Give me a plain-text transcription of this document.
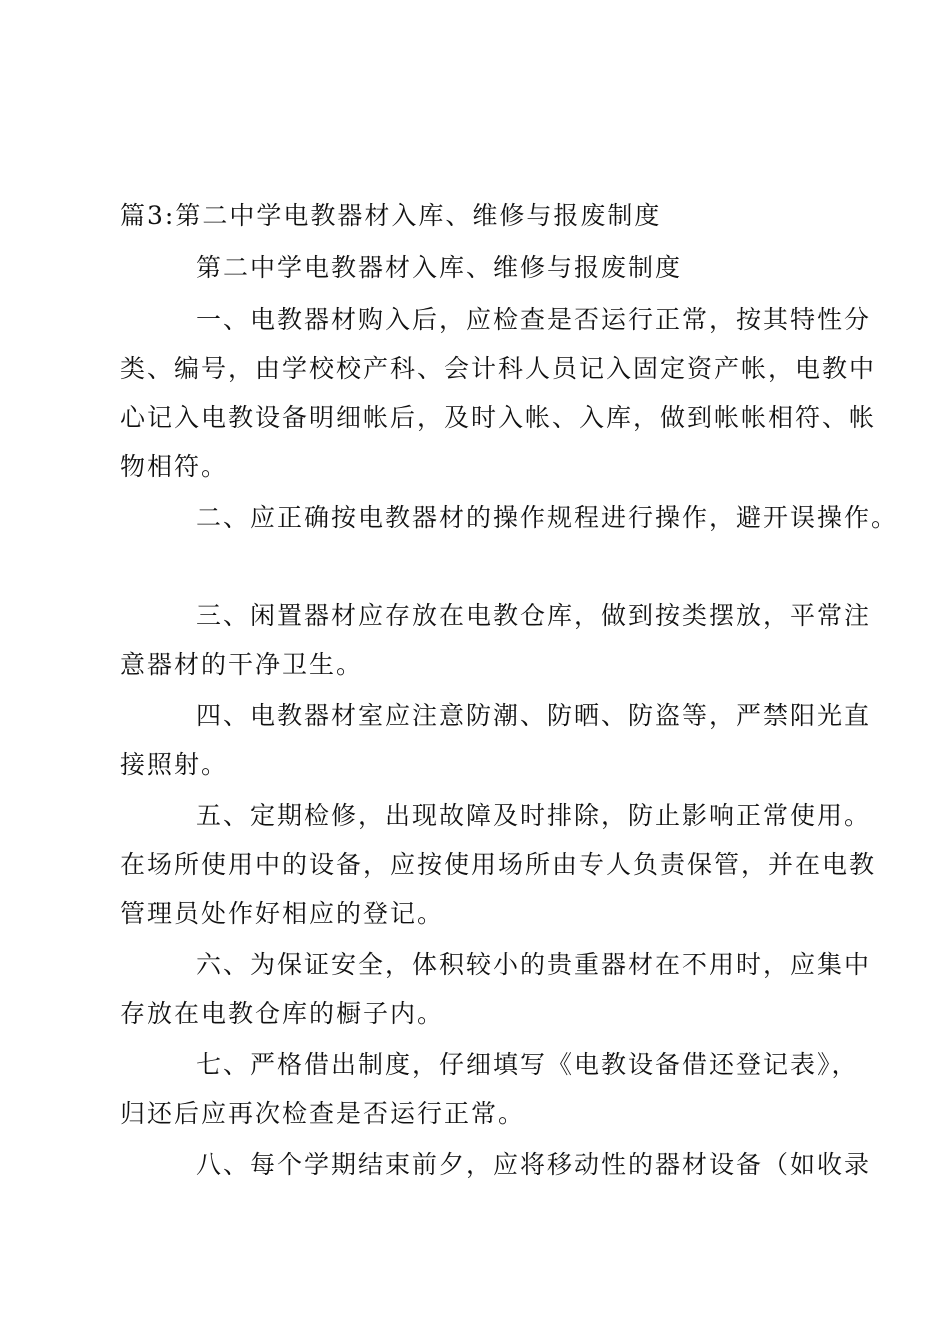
篇3:第二中学电教器材入库、维修与报废制度
第二中学电教器材入库、维修与报废制度
一、电教器材购入后，应检查是否运行正常，按其特性分
类、编号，由学校校产科、会计科人员记入固定资产帐，电教中
心记入电教设备明细帐后，及时入帐、入库，做到帐帐相符、帐
物相符。
二、应正确按电教器材的操作规程进行操作，避开误操作。
三、闲置器材应存放在电教仓库，做到按类摆放，平常注
意器材的干净卫生。
四、电教器材室应注意防潮、防晒、防盗等，严禁阳光直
接照射。
五、定期检修，出现故障及时排除，防止影响正常使用。
在场所使用中的设备，应按使用场所由专人负责保管，并在电教
管理员处作好相应的登记。
六、为保证安全，体积较小的贵重器材在不用时，应集中
存放在电教仓库的橱子内。
七、严格借出制度，仔细填写《电教设备借还登记表》，
归还后应再次检查是否运行正常。
八、每个学期结束前夕，应将移动性的器材设备（如收录
